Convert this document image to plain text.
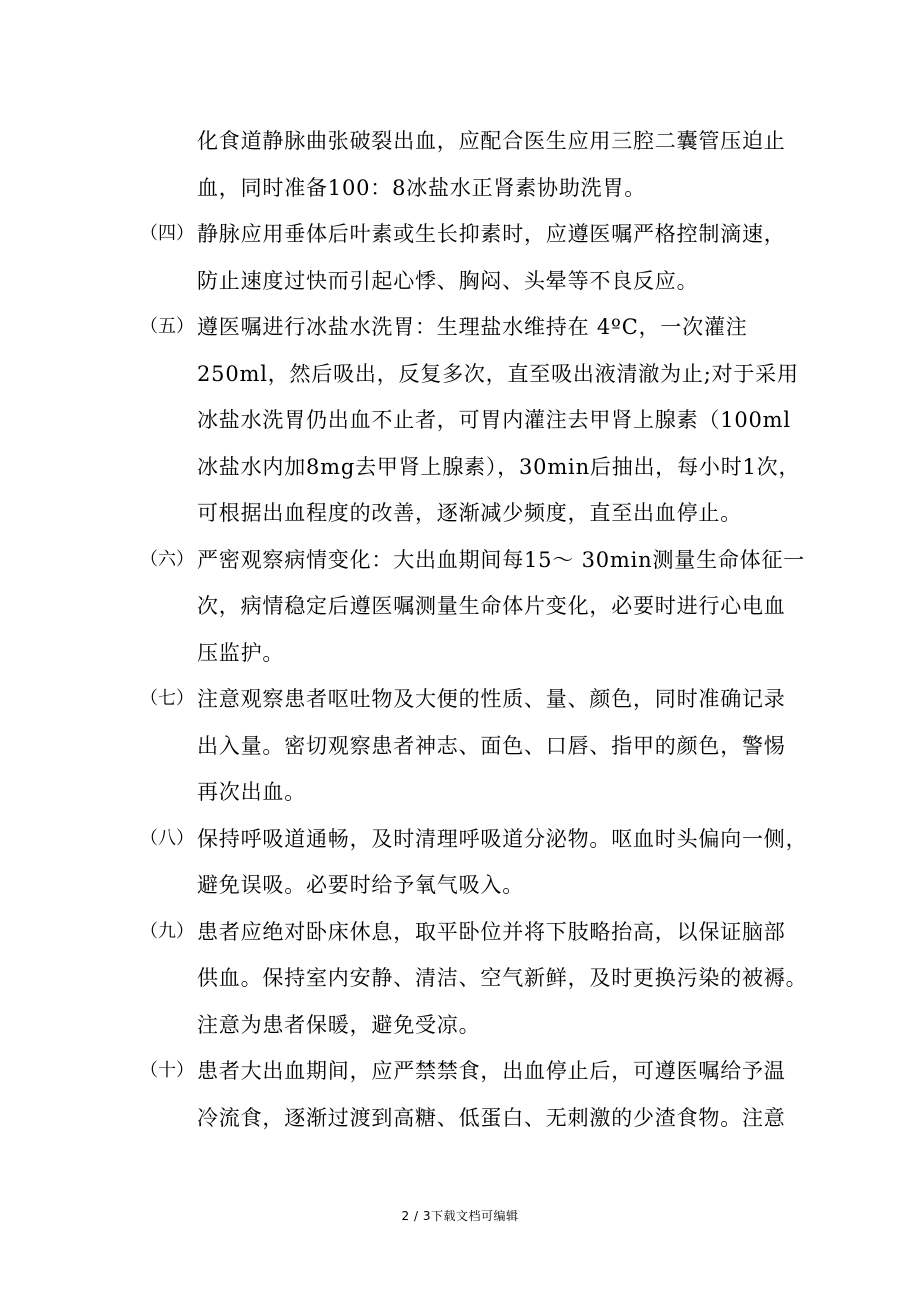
化食道静脉曲张破裂出血，应配合医生应用三腔二囊管压迫止
血，同时准备100：8冰盐水正肾素协助洗胃。
（四） 静脉应用垂体后叶素或生长抑素时，应遵医嘱严格控制滴速，
防止速度过快而引起心悸、胸闷、头晕等不良反应。
（五） 遵医嘱进行冰盐水洗胃：生理盐水维持在 4ºC，一次灌注
250ml，然后吸出，反复多次，直至吸出液清澈为止;对于采用
冰盐水洗胃仍出血不止者，可胃内灌注去甲肾上腺素（100ml
冰盐水内加8mg去甲肾上腺素），30min后抽出，每小时1次，
可根据出血程度的改善，逐渐减少频度，直至出血停止。
（六） 严密观察病情变化：大出血期间每15～ 30min测量生命体征一
次，病情稳定后遵医嘱测量生命体片变化，必要时进行心电血
压监护。
（七） 注意观察患者呕吐物及大便的性质、量、颜色，同时准确记录
出入量。密切观察患者神志、面色、口唇、指甲的颜色，警惕
再次出血。
（八） 保持呼吸道通畅，及时清理呼吸道分泌物。呕血时头偏向一侧，
避免误吸。必要时给予氧气吸入。
（九） 患者应绝对卧床休息，取平卧位并将下肢略抬高，以保证脑部
供血。保持室内安静、清洁、空气新鲜，及时更换污染的被褥。
注意为患者保暖，避免受凉。
（十） 患者大出血期间，应严禁禁食，出血停止后，可遵医嘱给予温
冷流食，逐渐过渡到高糖、低蛋白、无刺激的少渣食物。注意
2 / 3下载文档可编辑
